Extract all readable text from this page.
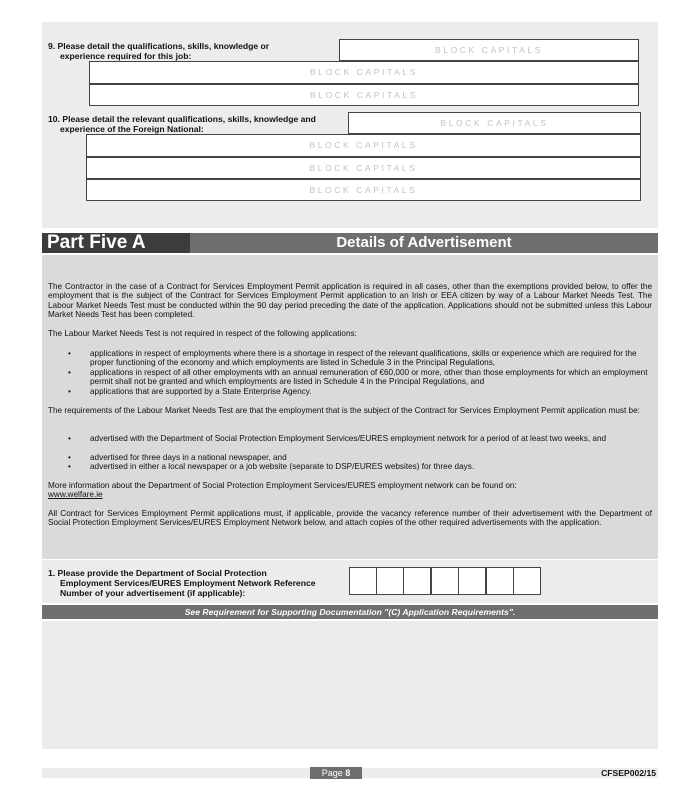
9. Please detail the qualifications, skills, knowledge or
experience required for this job:
BLOCK CAPITALS
BLOCK CAPITALS
BLOCK CAPITALS
10. Please detail the relevant qualifications, skills, knowledge and
experience of the Foreign National:
BLOCK CAPITALS
BLOCK CAPITALS
BLOCK CAPITALS
BLOCK CAPITALS
Part Five A	Details of Advertisement
The Contractor in the case of a Contract for Services Employment Permit application is required in all cases, other than the exemptions provided below, to offer the employment that is the subject of the Contract for Services Employment Permit application to an Irish or EEA citizen by way of a Labour Market Needs Test. The Labour Market Needs Test must be conducted within the 90 day period preceding the date of the application. Applications should not be submitted unless this Labour Market Needs Test has been completed.
The Labour Market Needs Test is not required in respect of the following applications:
• applications in respect of employments where there is a shortage in respect of the relevant qualifications, skills or experience which are required for the proper functioning of the economy and which employments are listed in Schedule 3 in the Principal Regulations,
• applications in respect of all other employments with an annual remuneration of €60,000 or more, other than those employments for which an employment permit shall not be granted and which employments are listed in Schedule 4 in the Principal Regulations, and
• applications that are supported by a State Enterprise Agency.
The requirements of the Labour Market Needs Test are that the employment that is the subject of the Contract for Services Employment Permit application must be:
• advertised with the Department of Social Protection Employment Services/EURES employment network for a period of at least two weeks, and
• advertised for three days in a national newspaper, and
• advertised in either a local newspaper or a job website (separate to DSP/EURES websites) for three days.
More information about the Department of Social Protection Employment Services/EURES employment network can be found on:
www.welfare.ie
All Contract for Services Employment Permit applications must, if applicable, provide the vacancy reference number of their advertisement with the Department of Social Protection Employment Services/EURES Employment Network below, and attach copies of the other required advertisements with the application.
1. Please provide the Department of Social Protection
Employment Services/EURES Employment Network Reference
Number of your advertisement (if applicable):
See Requirement for Supporting Documentation "(C) Application Requirements".
Page 8	CFSEP002/15
